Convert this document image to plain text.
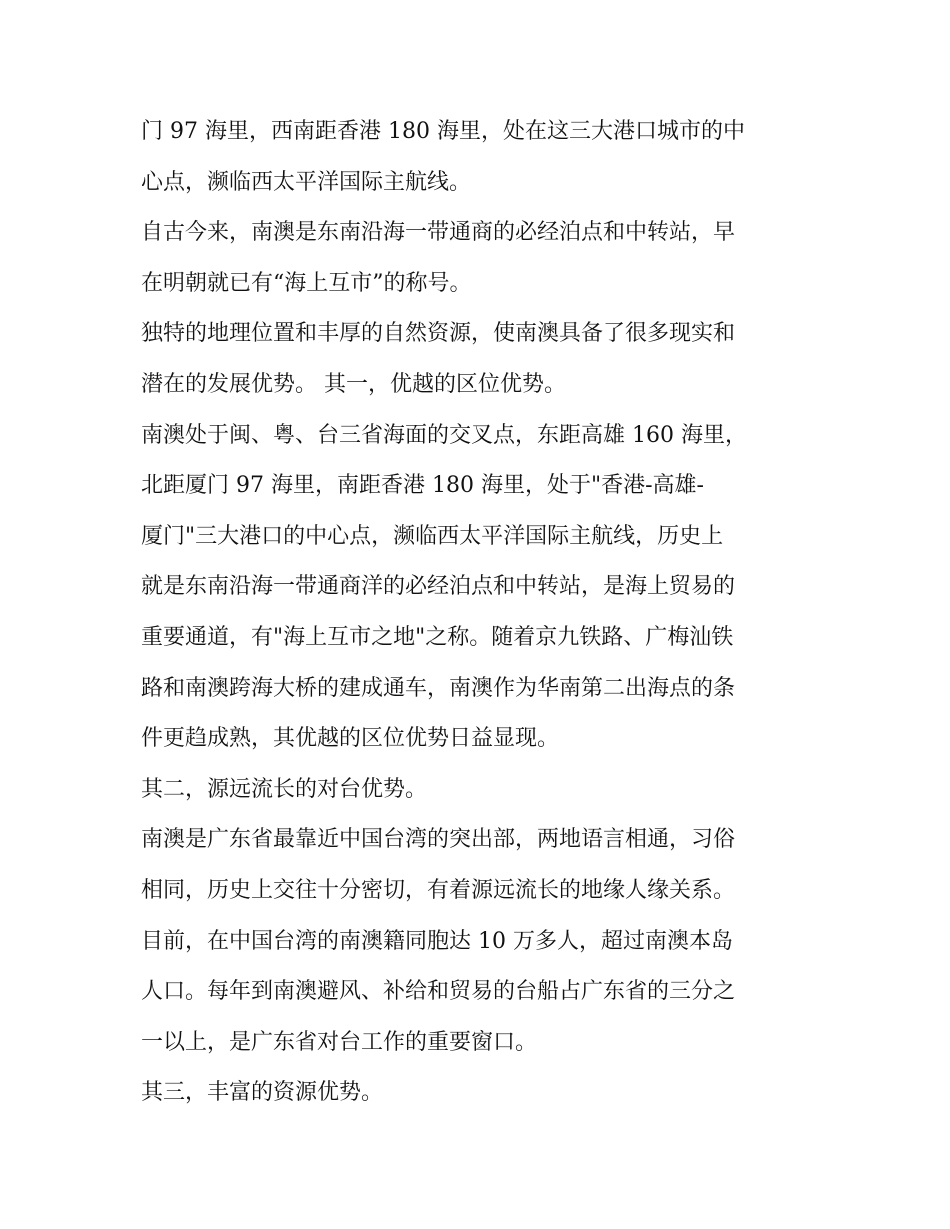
门 97 海里，西南距香港 180 海里，处在这三大港口城市的中
心点，濒临西太平洋国际主航线。
自古今来，南澳是东南沿海一带通商的必经泊点和中转站，早
在明朝就已有“海上互市”的称号。
独特的地理位置和丰厚的自然资源，使南澳具备了很多现实和
潜在的发展优势。 其一，优越的区位优势。
南澳处于闽、粤、台三省海面的交叉点，东距高雄 160 海里，
北距厦门 97 海里，南距香港 180 海里，处于"香港-高雄-
厦门"三大港口的中心点，濒临西太平洋国际主航线，历史上
就是东南沿海一带通商洋的必经泊点和中转站，是海上贸易的
重要通道，有"海上互市之地"之称。随着京九铁路、广梅汕铁
路和南澳跨海大桥的建成通车，南澳作为华南第二出海点的条
件更趋成熟，其优越的区位优势日益显现。
其二，源远流长的对台优势。
南澳是广东省最靠近中国台湾的突出部，两地语言相通，习俗
相同，历史上交往十分密切，有着源远流长的地缘人缘关系。
目前，在中国台湾的南澳籍同胞达 10 万多人，超过南澳本岛
人口。每年到南澳避风、补给和贸易的台船占广东省的三分之
一以上，是广东省对台工作的重要窗口。
其三，丰富的资源优势。
